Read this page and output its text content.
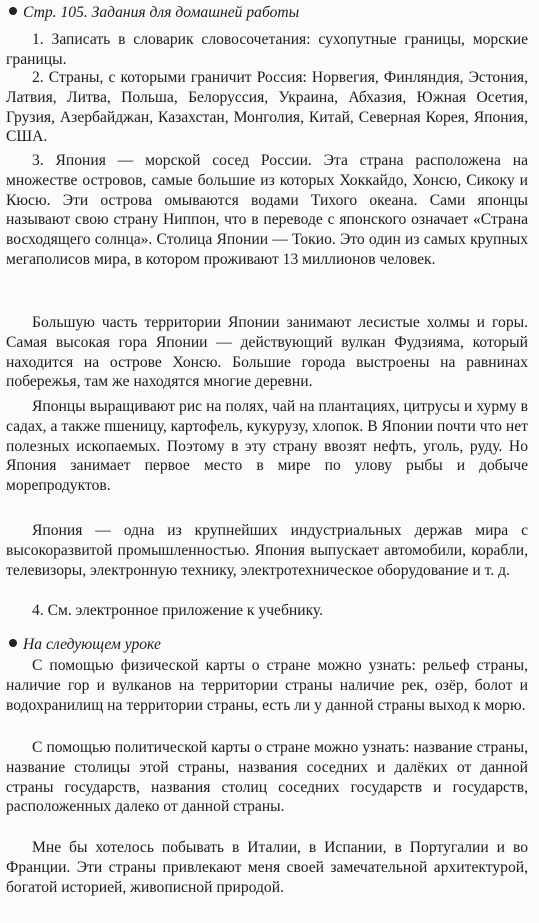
Стр. 105. Задания для домашней работы
1. Записать в словарик словосочетания: сухопутные границы, морские границы.
2. Страны, с которыми граничит Россия: Норвегия, Финляндия, Эстония, Латвия, Литва, Польша, Белоруссия, Украина, Абхазия, Южная Осетия, Грузия, Азербайджан, Казахстан, Монголия, Китай, Северная Корея, Япония, США.
3. Япония — морской сосед России. Эта страна расположена на множестве островов, самые большие из которых Хоккайдо, Хонсю, Сикоку и Кюсю. Эти острова омываются водами Тихого океана. Сами японцы называют свою страну Ниппон, что в переводе с японского означает «Страна восходящего солнца». Столица Японии — Токио. Это один из самых крупных мегаполисов мира, в котором проживают 13 миллионов человек.
Большую часть территории Японии занимают лесистые холмы и горы. Самая высокая гора Японии — действующий вулкан Фудзияма, который находится на острове Хонсю. Большие города выстроены на равнинах побережья, там же находятся многие деревни.
Японцы выращивают рис на полях, чай на плантациях, цитрусы и хурму в садах, а также пшеницу, картофель, кукурузу, хлопок. В Японии почти что нет полезных ископаемых. Поэтому в эту страну ввозят нефть, уголь, руду. Но Япония занимает первое место в мире по улову рыбы и добыче морепродуктов.
Япония — одна из крупнейших индустриальных держав мира с высокоразвитой промышленностью. Япония выпускает автомобили, корабли, телевизоры, электронную технику, электротехническое оборудование и т. д.
4. См. электронное приложение к учебнику.
На следующем уроке
С помощью физической карты о стране можно узнать: рельеф страны, наличие гор и вулканов на территории страны наличие рек, озёр, болот и водохранилищ на территории страны, есть ли у данной страны выход к морю.
С помощью политической карты о стране можно узнать: название страны, название столицы этой страны, названия соседних и далёких от данной страны государств, названия столиц соседних государств и государств, расположенных далеко от данной страны.
Мне бы хотелось побывать в Италии, в Испании, в Португалии и во Франции. Эти страны привлекают меня своей замечательной архитектурой, богатой историей, живописной природой.
